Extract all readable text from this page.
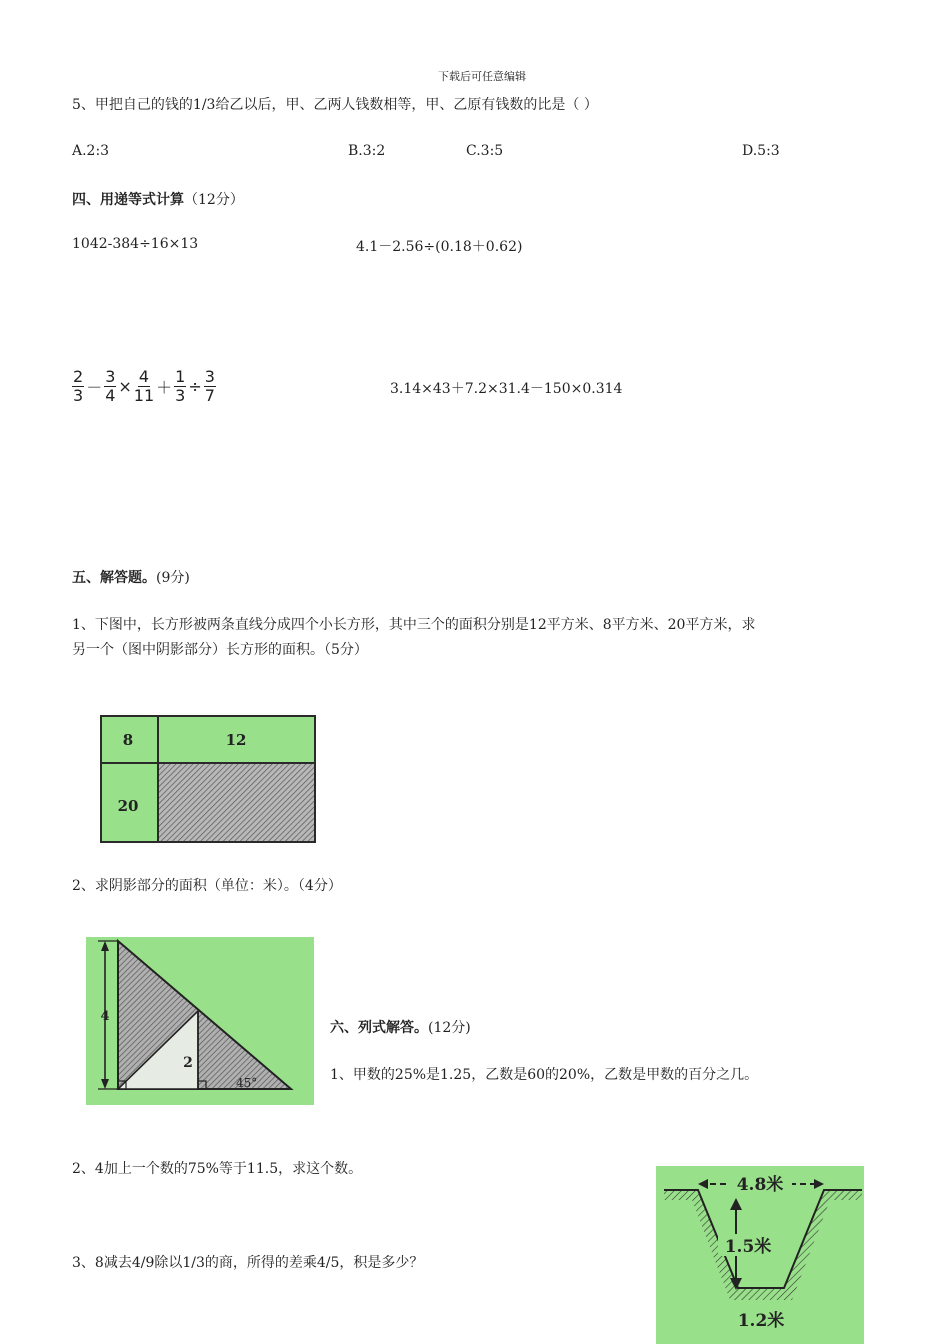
下载后可任意编辑
5、甲把自己的钱的1/3给乙以后，甲、乙两人钱数相等，甲、乙原有钱数的比是（ ）
A.2:3	B.3:2	C.3:5	D.5:3
四、用递等式计算（12分）
1042-384÷16×13	4.1－2.56÷(0.18＋0.62)
$\frac{2}{3} - \frac{3}{4} \times \frac{4}{11} + \frac{1}{3} \div \frac{3}{7}$	3.14×43＋7.2×31.4－150×0.314
五、解答题。(9分)
1、下图中，长方形被两条直线分成四个小长方形，其中三个的面积分别是12平方米、8平方米、20平方米，求
另一个（图中阴影部分）长方形的面积。（5分）
8	12
20
2、求阴影部分的面积（单位：米）。（4分）
4
2
45°
六、列式解答。(12分)
1、甲数的25%是1.25，乙数是60的20%，乙数是甲数的百分之几。
2、4加上一个数的75%等于11.5，求这个数。
3、8减去4/9除以1/3的商，所得的差乘4/5，积是多少？
4.8米
1.5米
1.2米
